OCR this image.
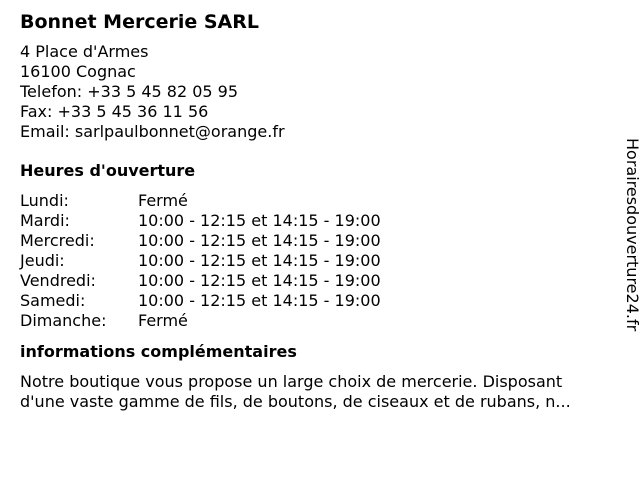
Bonnet Mercerie SARL
4 Place d'Armes
16100 Cognac
Telefon: +33 5 45 82 05 95
Fax: +33 5 45 36 11 56
Email: sarlpaulbonnet@orange.fr
Heures d'ouverture
Lundi:	Fermé
Mardi:	10:00 - 12:15 et 14:15 - 19:00
Mercredi:	10:00 - 12:15 et 14:15 - 19:00
Jeudi:	10:00 - 12:15 et 14:15 - 19:00
Vendredi:	10:00 - 12:15 et 14:15 - 19:00
Samedi:	10:00 - 12:15 et 14:15 - 19:00
Dimanche:	Fermé
informations complémentaires
Notre boutique vous propose un large choix de mercerie. Disposant
d'une vaste gamme de fils, de boutons, de ciseaux et de rubans, n...
Horairesdouverture24.fr
